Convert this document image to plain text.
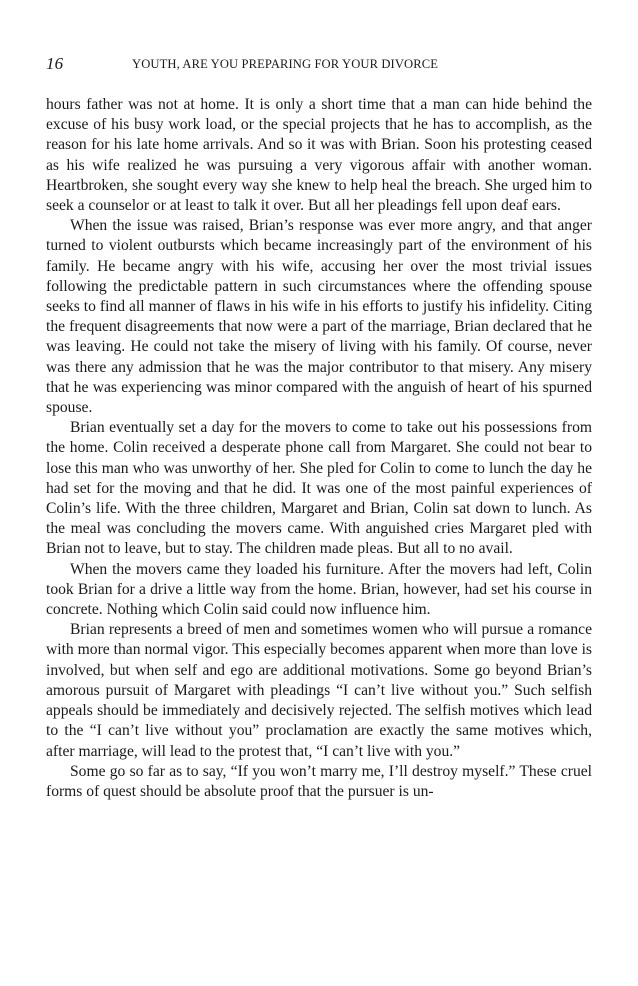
16	YOUTH, ARE YOU PREPARING FOR YOUR DIVORCE

hours father was not at home. It is only a short time that a man can hide behind the excuse of his busy work load, or the special projects that he has to accomplish, as the reason for his late home arrivals. And so it was with Brian. Soon his protesting ceased as his wife realized he was pursuing a very vigorous affair with another woman. Heartbroken, she sought every way she knew to help heal the breach. She urged him to seek a counselor or at least to talk it over. But all her pleadings fell upon deaf ears.

When the issue was raised, Brian’s response was ever more angry, and that anger turned to violent outbursts which became increasingly part of the environment of his family. He became angry with his wife, accusing her over the most trivial issues following the predictable pattern in such circumstances where the offending spouse seeks to find all manner of flaws in his wife in his efforts to justify his infidelity. Citing the frequent disagreements that now were a part of the marriage, Brian declared that he was leaving. He could not take the misery of living with his family. Of course, never was there any admission that he was the major contributor to that misery. Any misery that he was experiencing was minor compared with the anguish of heart of his spurned spouse.

Brian eventually set a day for the movers to come to take out his possessions from the home. Colin received a desperate phone call from Margaret. She could not bear to lose this man who was unworthy of her. She pled for Colin to come to lunch the day he had set for the moving and that he did. It was one of the most painful experiences of Colin’s life. With the three children, Margaret and Brian, Colin sat down to lunch. As the meal was concluding the movers came. With anguished cries Margaret pled with Brian not to leave, but to stay. The children made pleas. But all to no avail.

When the movers came they loaded his furniture. After the movers had left, Colin took Brian for a drive a little way from the home. Brian, however, had set his course in concrete. Nothing which Colin said could now influence him.

Brian represents a breed of men and sometimes women who will pursue a romance with more than normal vigor. This especially becomes apparent when more than love is involved, but when self and ego are additional motivations. Some go beyond Brian’s amorous pursuit of Margaret with pleadings “I can’t live without you.” Such selfish appeals should be immediately and decisively rejected. The selfish motives which lead to the “I can’t live without you” proclamation are exactly the same motives which, after marriage, will lead to the protest that, “I can’t live with you.”

Some go so far as to say, “If you won’t marry me, I’ll destroy myself.” These cruel forms of quest should be absolute proof that the pursuer is un-
